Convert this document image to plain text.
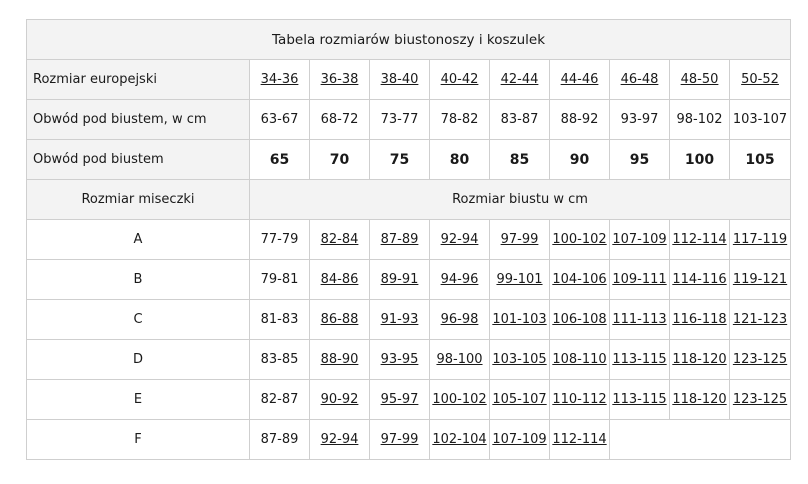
Tabela rozmiarów biustonoszy i koszulek									
Rozmiar europejski	34-36	36-38	38-40	40-42	42-44	44-46	46-48	48-50	50-52
Obwód pod biustem, w cm	63-67	68-72	73-77	78-82	83-87	88-92	93-97	98-102	103-107
Obwód pod biustem	65	70	75	80	85	90	95	100	105
Rozmiar miseczki	Rozmiar biustu w cm								
A	77-79	82-84	87-89	92-94	97-99	100-102	107-109	112-114	117-119
B	79-81	84-86	89-91	94-96	99-101	104-106	109-111	114-116	119-121
C	81-83	86-88	91-93	96-98	101-103	106-108	111-113	116-118	121-123
D	83-85	88-90	93-95	98-100	103-105	108-110	113-115	118-120	123-125
E	82-87	90-92	95-97	100-102	105-107	110-112	113-115	118-120	123-125
F	87-89	92-94	97-99	102-104	107-109	112-114			
